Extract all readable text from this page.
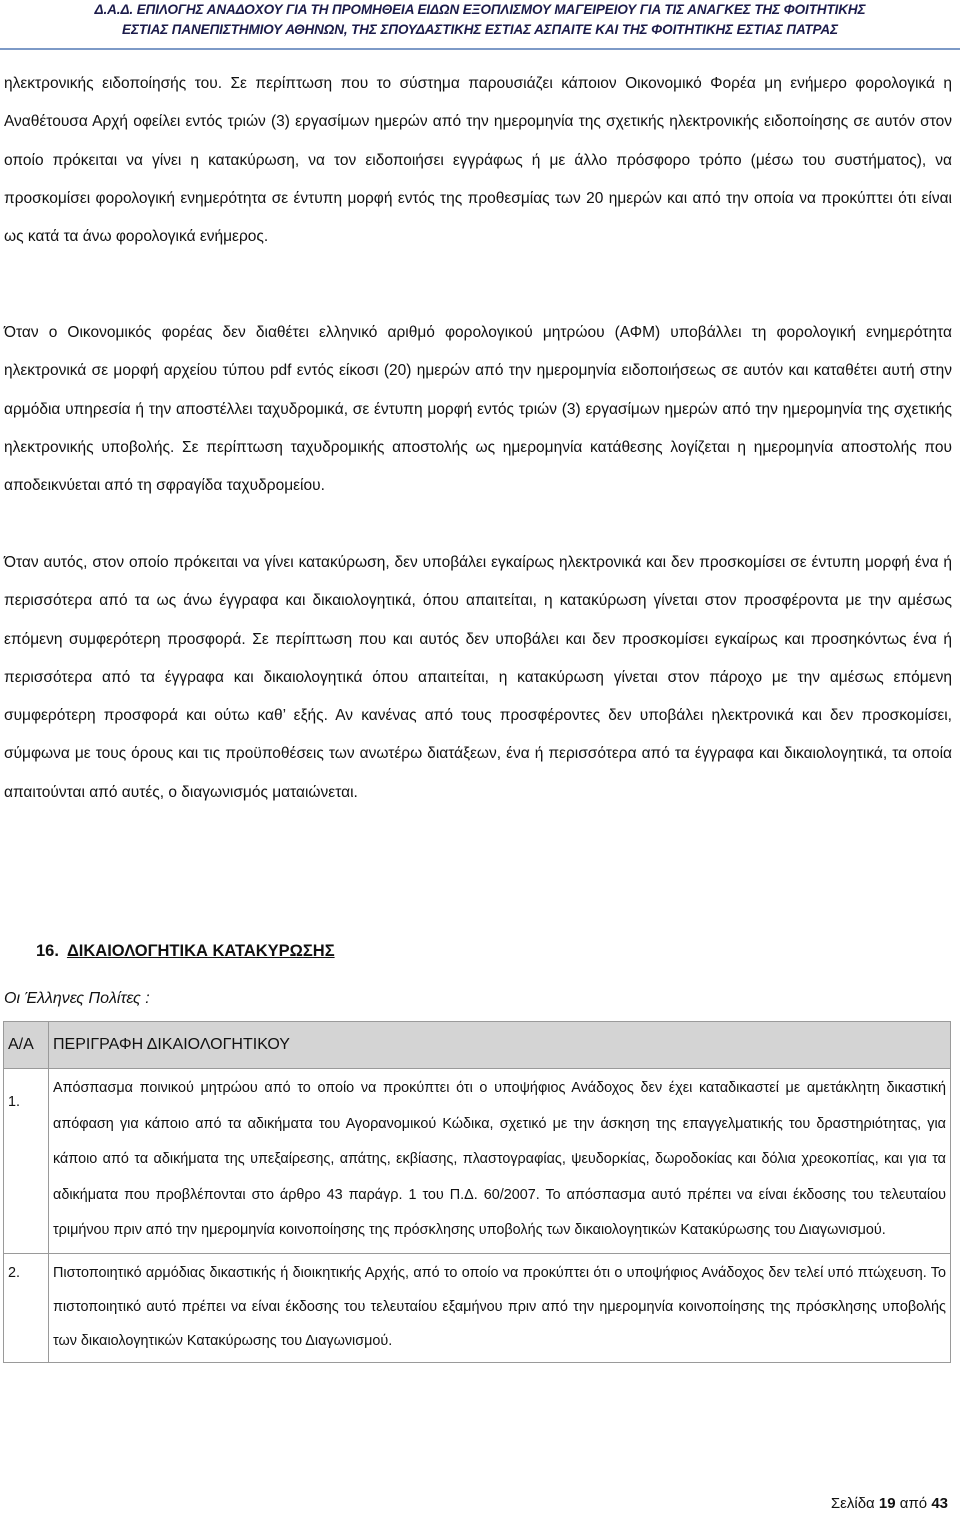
Δ.Α.Δ. ΕΠΙΛΟΓΗΣ ΑΝΑΔΟΧΟΥ ΓΙΑ ΤΗ ΠΡΟΜΗΘΕΙΑ ΕΙΔΩΝ ΕΞΟΠΛΙΣΜΟΥ ΜΑΓΕΙΡΕΙΟΥ ΓΙΑ ΤΙΣ ΑΝΑΓΚΕΣ ΤΗΣ ΦΟΙΤΗΤΙΚΗΣ
ΕΣΤΙΑΣ ΠΑΝΕΠΙΣΤΗΜΙΟΥ ΑΘΗΝΩΝ, ΤΗΣ ΣΠΟΥΔΑΣΤΙΚΗΣ ΕΣΤΙΑΣ ΑΣΠΑΙΤΕ ΚΑΙ ΤΗΣ ΦΟΙΤΗΤΙΚΗΣ ΕΣΤΙΑΣ ΠΑΤΡΑΣ

ηλεκτρονικής ειδοποίησής του. Σε περίπτωση που το σύστημα παρουσιάζει κάποιον Οικονομικό Φορέα μη ενήμερο φορολογικά η Αναθέτουσα Αρχή οφείλει εντός τριών (3) εργασίμων ημερών από την ημερομηνία της σχετικής ηλεκτρονικής ειδοποίησης σε αυτόν στον οποίο πρόκειται να γίνει η κατακύρωση, να τον ειδοποιήσει εγγράφως ή με άλλο πρόσφορο τρόπο (μέσω του συστήματος), να προσκομίσει φορολογική ενημερότητα σε έντυπη μορφή εντός της προθεσμίας των 20 ημερών και από την οποία να προκύπτει ότι είναι ως κατά τα άνω φορολογικά ενήμερος.

Όταν ο Οικονομικός φορέας δεν διαθέτει ελληνικό αριθμό φορολογικού μητρώου (ΑΦΜ) υποβάλλει τη φορολογική ενημερότητα ηλεκτρονικά σε μορφή αρχείου τύπου pdf εντός είκοσι (20) ημερών από την ημερομηνία ειδοποιήσεως σε αυτόν και καταθέτει αυτή στην αρμόδια υπηρεσία ή την αποστέλλει ταχυδρομικά, σε έντυπη μορφή εντός τριών (3) εργασίμων ημερών από την ημερομηνία της σχετικής ηλεκτρονικής υποβολής. Σε περίπτωση ταχυδρομικής αποστολής ως ημερομηνία κατάθεσης λογίζεται η ημερομηνία αποστολής που αποδεικνύεται από τη σφραγίδα ταχυδρομείου.

Όταν αυτός, στον οποίο πρόκειται να γίνει κατακύρωση, δεν υποβάλει εγκαίρως ηλεκτρονικά και δεν προσκομίσει σε έντυπη μορφή ένα ή περισσότερα από τα ως άνω έγγραφα και δικαιολογητικά, όπου απαιτείται, η κατακύρωση γίνεται στον προσφέροντα με την αμέσως επόμενη συμφερότερη προσφορά. Σε περίπτωση που και αυτός δεν υποβάλει και δεν προσκομίσει εγκαίρως και προσηκόντως ένα ή περισσότερα από τα έγγραφα και δικαιολογητικά όπου απαιτείται, η κατακύρωση γίνεται στον πάροχο με την αμέσως επόμενη συμφερότερη προσφορά και ούτω καθ’ εξής. Αν κανένας από τους προσφέροντες δεν υποβάλει ηλεκτρονικά και δεν προσκομίσει, σύμφωνα με τους όρους και τις προϋποθέσεις των ανωτέρω διατάξεων, ένα ή περισσότερα από τα έγγραφα και δικαιολογητικά, τα οποία απαιτούνται από αυτές, ο διαγωνισμός ματαιώνεται.

16. ΔΙΚΑΙΟΛΟΓΗΤΙΚΑ ΚΑΤΑΚΥΡΩΣΗΣ
Οι Έλληνες Πολίτες :
Α/Α	ΠΕΡΙΓΡΑΦΗ ΔΙΚΑΙΟΛΟΓΗΤΙΚΟΥ
1.	Απόσπασμα ποινικού μητρώου από το οποίο να προκύπτει ότι ο υποψήφιος Ανάδοχος δεν έχει καταδικαστεί με αμετάκλητη δικαστική απόφαση για κάποιο από τα αδικήματα του Αγορανομικού Κώδικα, σχετικό με την άσκηση της επαγγελματικής του δραστηριότητας, για κάποιο από τα αδικήματα της υπεξαίρεσης, απάτης, εκβίασης, πλαστογραφίας, ψευδορκίας, δωροδοκίας και δόλια χρεοκοπίας, και για τα αδικήματα που προβλέπονται στο άρθρο 43 παράγρ. 1 του Π.Δ. 60/2007. Το απόσπασμα αυτό πρέπει να είναι έκδοσης του τελευταίου τριμήνου πριν από την ημερομηνία κοινοποίησης της πρόσκλησης υποβολής των δικαιολογητικών Κατακύρωσης του Διαγωνισμού.
2.	Πιστοποιητικό αρμόδιας δικαστικής ή διοικητικής Αρχής, από το οποίο να προκύπτει ότι ο υποψήφιος Ανάδοχος δεν τελεί υπό πτώχευση. Το πιστοποιητικό αυτό πρέπει να είναι έκδοσης του τελευταίου εξαμήνου πριν από την ημερομηνία κοινοποίησης της πρόσκλησης υποβολής των δικαιολογητικών Κατακύρωσης του Διαγωνισμού.
Σελίδα 19 από 43
